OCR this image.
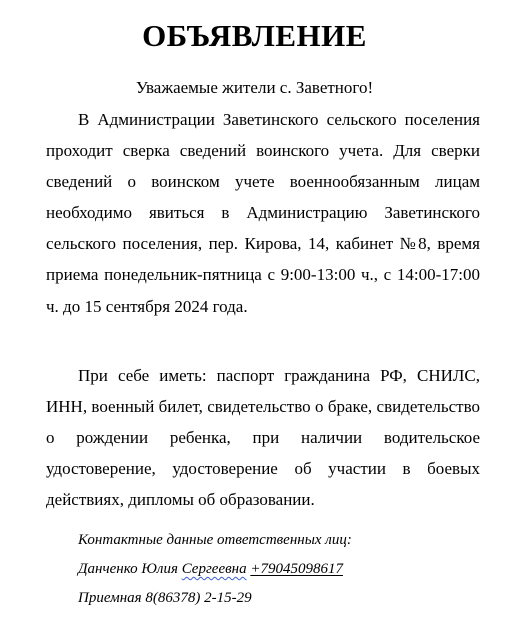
ОБЪЯВЛЕНИЕ

Уважаемые жители с. Заветного!

В Администрации Заветинского сельского поселения проходит сверка сведений воинского учета. Для сверки сведений о воинском учете военнообязанным лицам необходимо явиться в Администрацию Заветинского сельского поселения, пер. Кирова, 14, кабинет №8, время приема понедельник-пятница с 9:00-13:00 ч., с 14:00-17:00 ч. до 15 сентября 2024 года.

При себе иметь: паспорт гражданина РФ, СНИЛС, ИНН, военный билет, свидетельство о браке, свидетельство о рождении ребенка, при наличии водительское удостоверение, удостоверение об участии в боевых действиях, дипломы об образовании.

Контактные данные ответственных лиц:
Данченко Юлия Сергеевна +79045098617
Приемная 8(86378) 2-15-29
